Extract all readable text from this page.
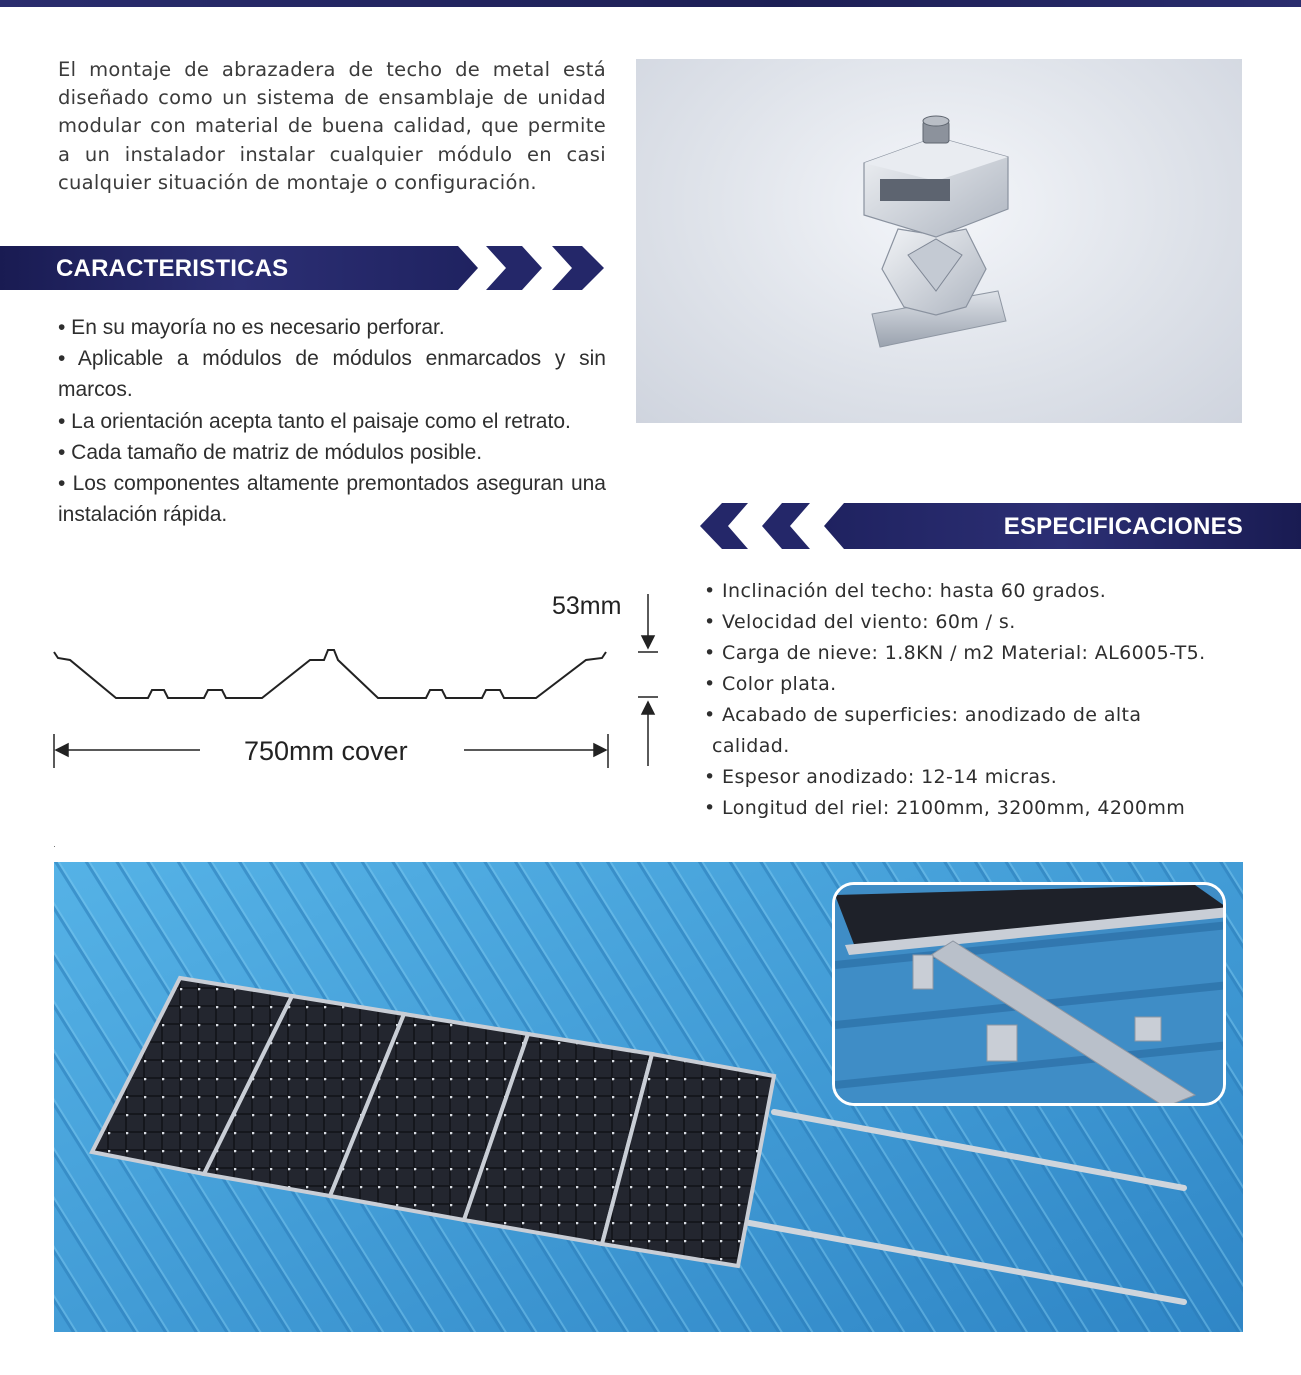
El montaje de abrazadera de techo de metal está diseñado como un sistema de ensamblaje de unidad modular con material de buena calidad, que permite a un instalador instalar cualquier módulo en casi cualquier situación de montaje o configuración.
CARACTERISTICAS
• En su mayoría no es necesario perforar.
• Aplicable a módulos de módulos enmarcados y sin marcos.
• La orientación acepta tanto el paisaje como el retrato.
• Cada tamaño de matriz de módulos posible.
• Los componentes altamente premontados aseguran una instalación rápida.	ESPECIFICACIONES
• Inclinación del techo: hasta 60 grados.
• Velocidad del viento: 60m / s.
• Carga de nieve: 1.8KN / m2 Material: AL6005-T5.
• Color plata.
• Acabado de superficies: anodizado de alta
calidad.
• Espesor anodizado: 12-14 micras.
• Longitud del riel: 2100mm, 3200mm, 4200mm
53mm
750mm cover
